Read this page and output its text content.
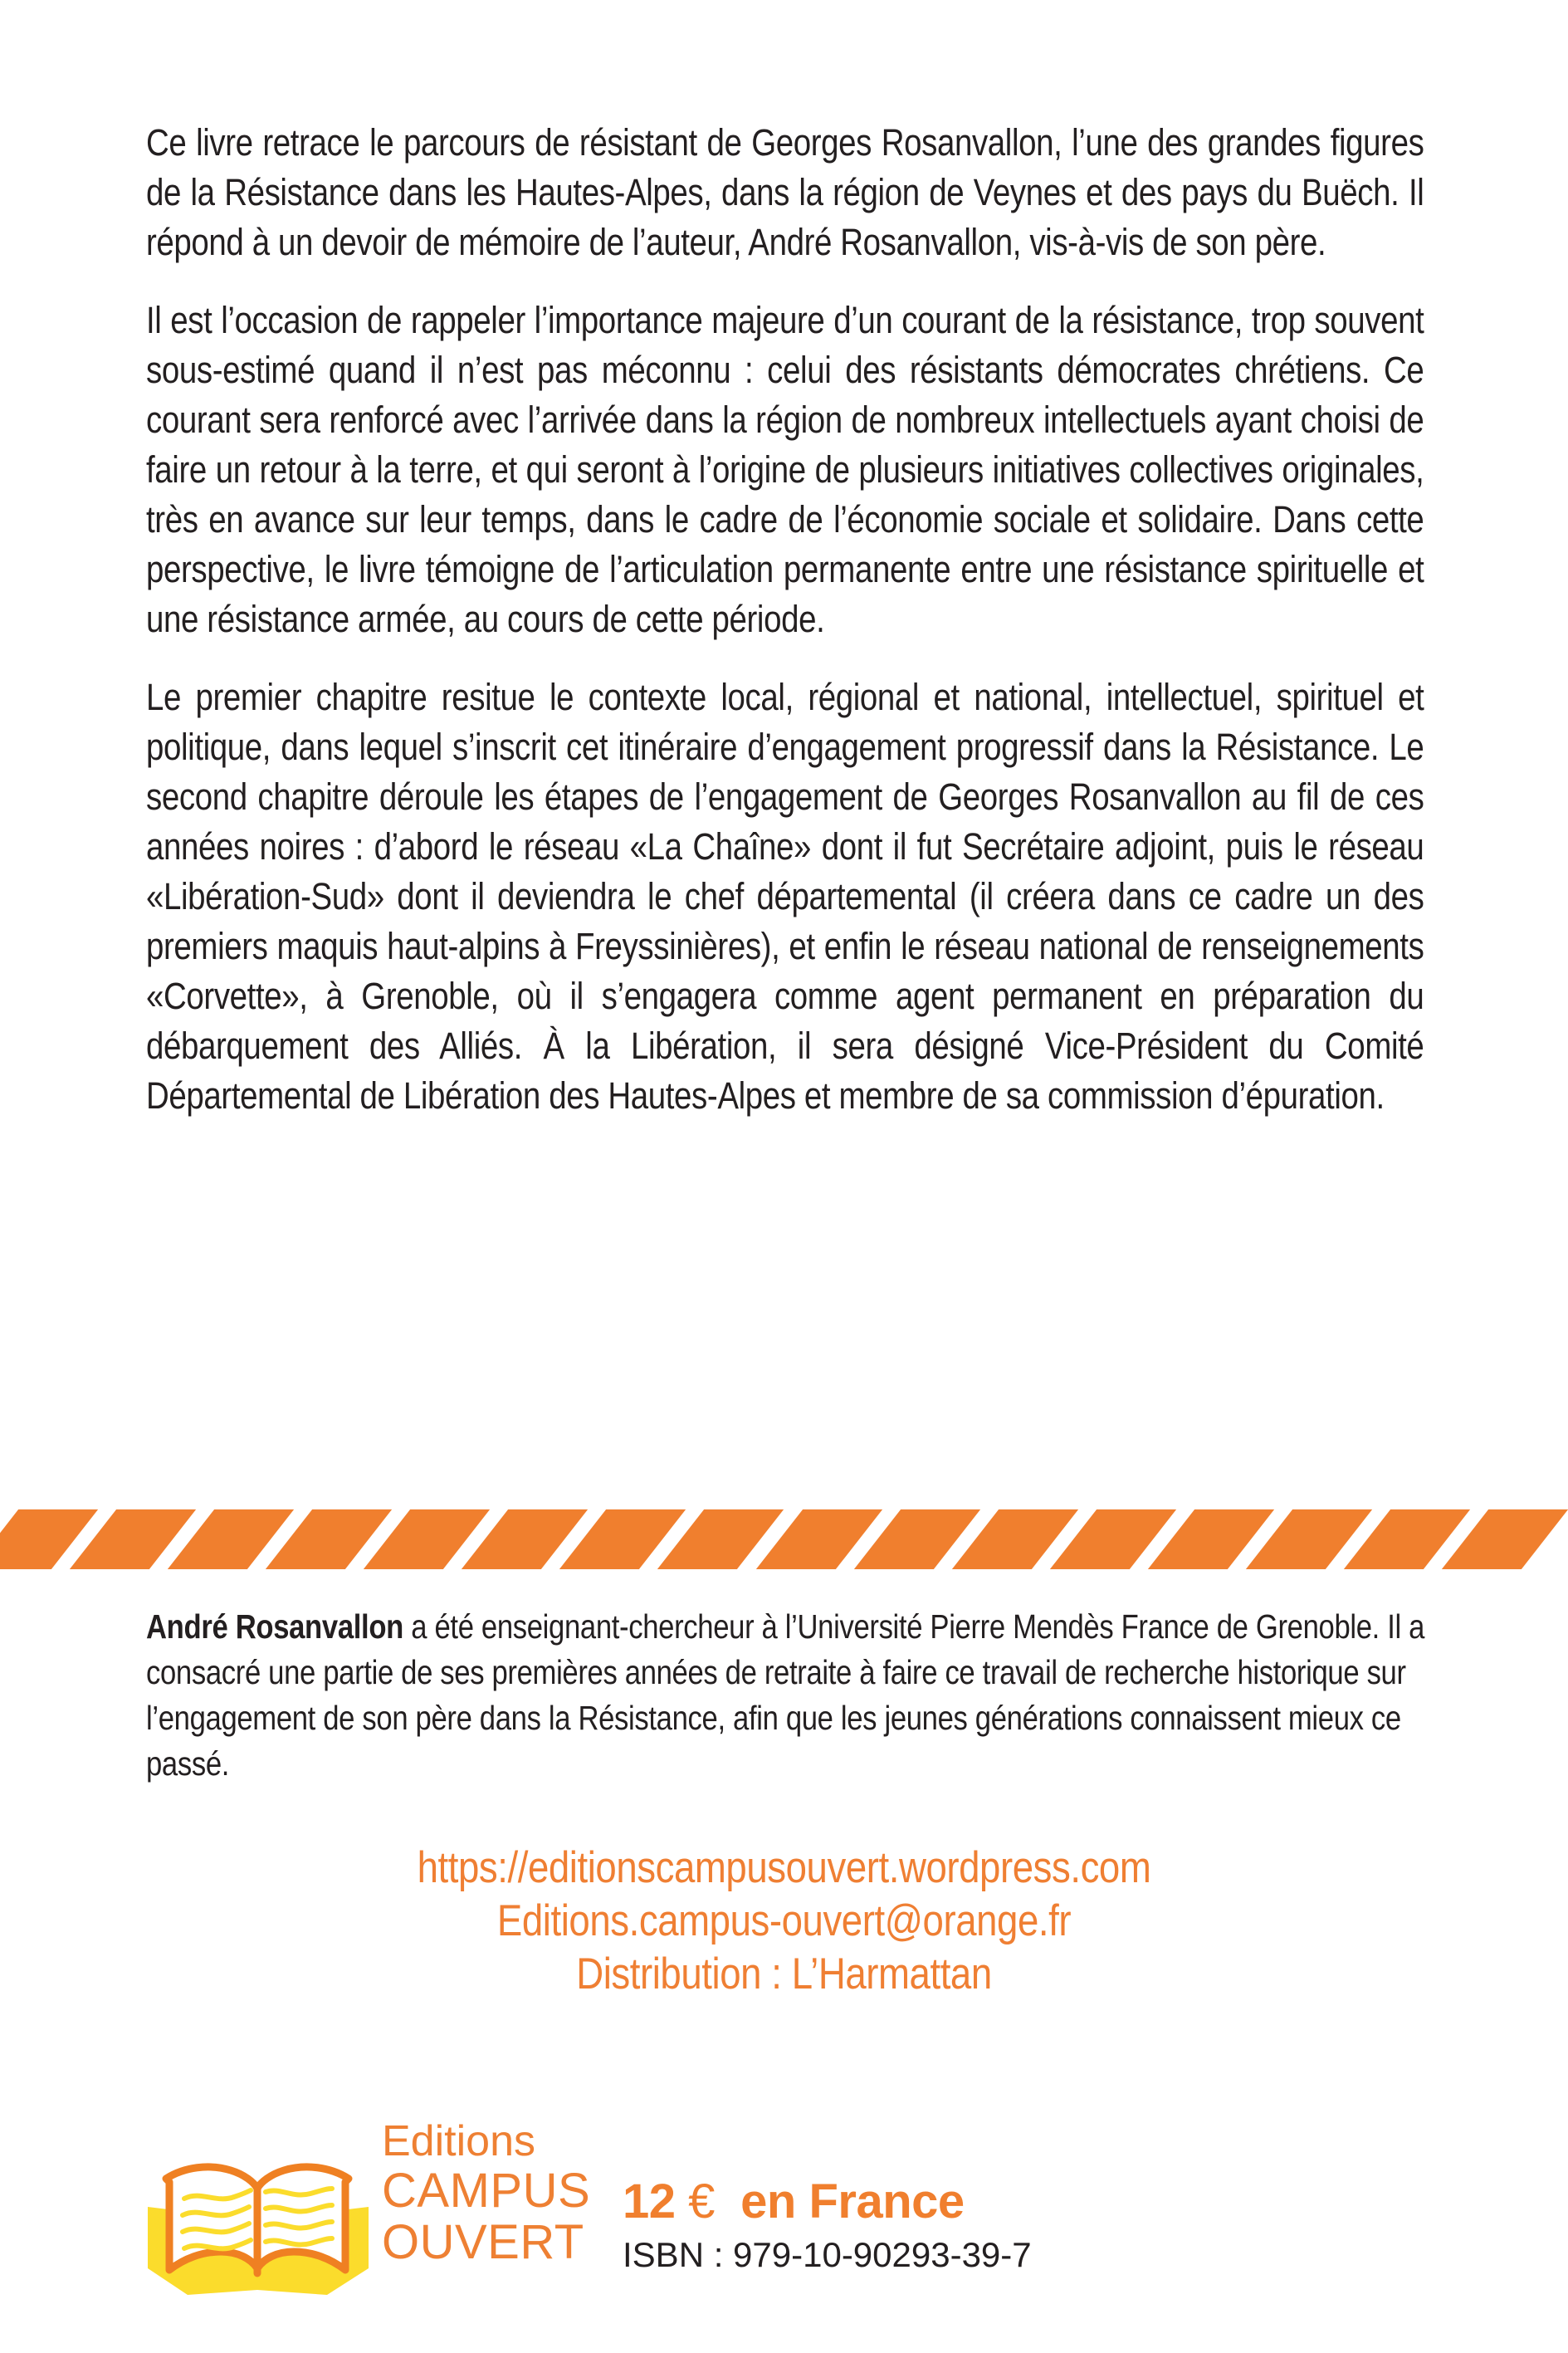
Ce livre retrace le parcours de résistant de Georges Rosanvallon, l’une des grandes figures de la Résistance dans les Hautes-Alpes, dans la région de Veynes et des pays du Buëch. Il répond à un devoir de mémoire de l’auteur, André Rosanvallon, vis-à-vis de son père.

Il est l’occasion de rappeler l’importance majeure d’un courant de la résistance, trop souvent sous-estimé quand il n’est pas méconnu : celui des résistants démocrates chrétiens. Ce courant sera renforcé avec l’arrivée dans la région de nombreux intellectuels ayant choisi de faire un retour à la terre, et qui seront à l’origine de plusieurs initiatives collectives originales, très en avance sur leur temps, dans le cadre de l’économie sociale et solidaire. Dans cette perspective, le livre témoigne de l’articulation permanente entre une résistance spirituelle et une résistance armée, au cours de cette période.

Le premier chapitre resitue le contexte local, régional et national, intellectuel, spirituel et politique, dans lequel s’inscrit cet itinéraire d’engagement progressif dans la Résistance. Le second chapitre déroule les étapes de l’engagement de Georges Rosanvallon au fil de ces années noires : d’abord le réseau «La Chaîne» dont il fut Secrétaire adjoint, puis le réseau «Libération-Sud» dont il deviendra le chef départemental (il créera dans ce cadre un des premiers maquis haut-alpins à Freyssinières), et enfin le réseau national de renseignements «Corvette», à Grenoble, où il s’engagera comme agent permanent en préparation du débarquement des Alliés. À la Libération, il sera désigné Vice-Président du Comité Départemental de Libération des Hautes-Alpes et membre de sa commission d’épuration.

André Rosanvallon a été enseignant-chercheur à l’Université Pierre Mendès France de Grenoble. Il a consacré une partie de ses premières années de retraite à faire ce travail de recherche historique sur l’engagement de son père dans la Résistance, afin que les jeunes générations connaissent mieux ce passé.

https://editionscampusouvert.wordpress.com
Editions.campus-ouvert@orange.fr
Distribution : L’Harmattan
Editions
CAMPUS
OUVERT
12 € en France
ISBN : 979-10-90293-39-7
